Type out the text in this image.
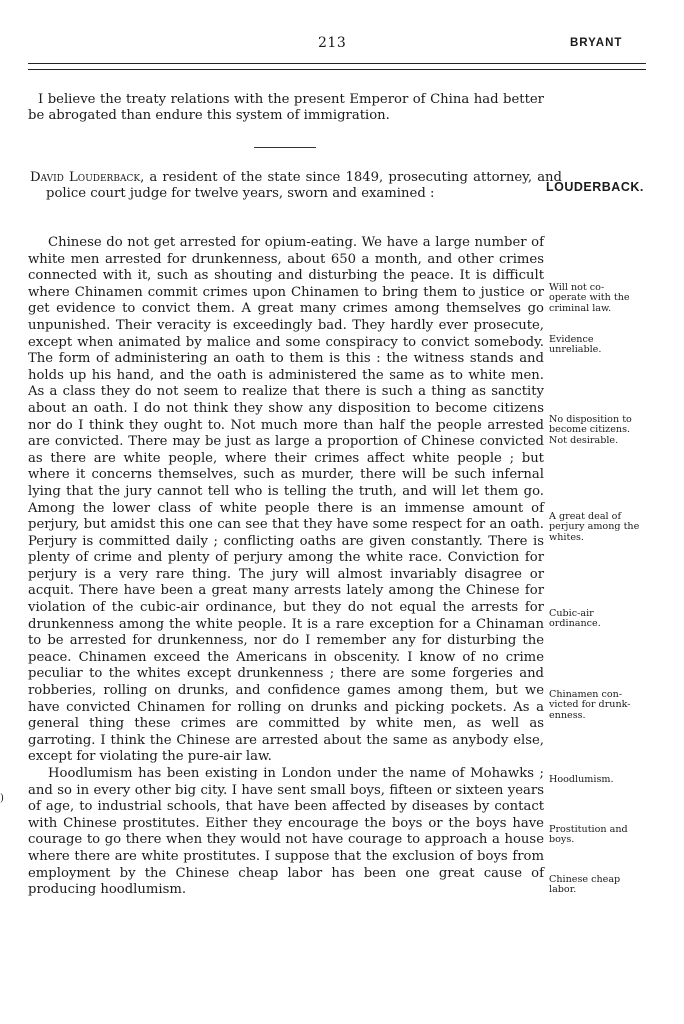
213	BRYANT
I believe the treaty relations with the present Emperor of China had better be abrogated than endure this system of immigration.
David Louderback, a resident of the state since 1849, prosecuting attorney, and police court judge for twelve years, sworn and examined :	LOUDERBACK.

Chinese do not get arrested for opium-eating. We have a large number of white men arrested for drunkenness, about 650 a month, and other crimes connected with it, such as shouting and disturbing the peace. It is difficult where Chinamen commit crimes upon Chinamen to bring them to justice or get evidence to convict them. A great many crimes among themselves go unpunished. Their veracity is exceedingly bad. They hardly ever prosecute, except when animated by malice and some conspiracy to convict somebody. The form of administering an oath to them is this : the witness stands and holds up his hand, and the oath is administered the same as to white men. As a class they do not seem to realize that there is such a thing as sanctity about an oath. I do not think they show any disposition to become citizens nor do I think they ought to. Not much more than half the people arrested are convicted. There may be just as large a proportion of Chinese convicted as there are white people, where their crimes affect white people ; but where it concerns themselves, such as murder, there will be such infernal lying that the jury cannot tell who is telling the truth, and will let them go. Among the lower class of white people there is an immense amount of perjury, but amidst this one can see that they have some respect for an oath. Perjury is committed daily ; conflicting oaths are given constantly. There is plenty of crime and plenty of perjury among the white race. Conviction for perjury is a very rare thing. The jury will almost invariably disagree or acquit. There have been a great many arrests lately among the Chinese for violation of the cubic-air ordinance, but they do not equal the arrests for drunkenness among the white people. It is a rare exception for a Chinaman to be arrested for drunkenness, nor do I remember any for disturbing the peace. Chinamen exceed the Americans in obscenity. I know of no crime peculiar to the whites except drunkenness ; there are some forgeries and robberies, rolling on drunks, and confidence games among them, but we have convicted Chinamen for rolling on drunks and picking pockets. As a general thing these crimes are committed by white men, as well as garroting. I think the Chinese are arrested about the same as anybody else, except for violating the pure-air law.

Hoodlumism has been existing in London under the name of Mohawks ; and so in every other big city. I have sent small boys, fifteen or sixteen years of age, to industrial schools, that have been affected by diseases by contact with Chinese prostitutes. Either they encourage the boys or the boys have courage to go there when they would not have courage to approach a house where there are white prostitutes. I suppose that the exclusion of boys from employment by the Chinese cheap labor has been one great cause of producing hoodlumism.

Will not co-
operate with the
criminal law.
Evidence
unreliable.
No disposition to
become citizens.
Not desirable.
A great deal of
perjury among the
whites.
Cubic-air
ordinance.
Chinamen con-
victed for drunk-
enness.
Hoodlumism.
Prostitution and
boys.
Chinese cheap
labor.
)
